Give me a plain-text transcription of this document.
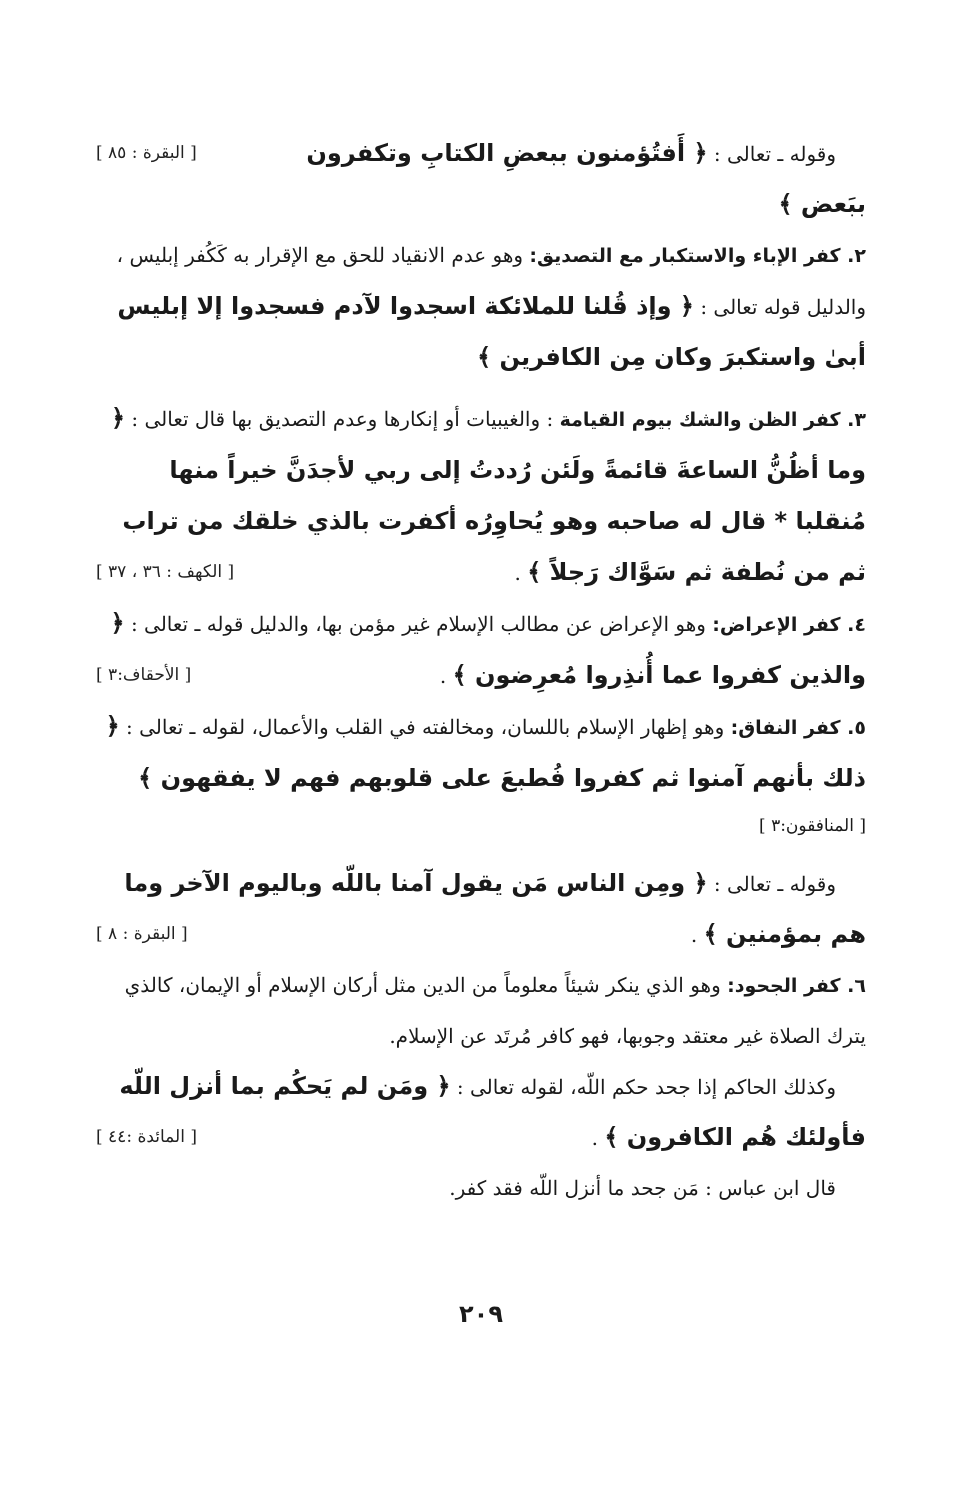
[ البقرة : ٨٥ ]	وقوله ـ تعالى : ﴿ أَفتُؤمنون ببعضِ الكتابِ وتكفرون ببَعض ﴾

٢. كفر الإباء والاستكبار مع التصديق: وهو عدم الانقياد للحق مع الإقرار به كَكُفر إبليس ، والدليل قوله تعالى : ﴿ وإذ قُلنا للملائكة اسجدوا لآدم فسجدوا إلا إبليس أبىٰ واستكبرَ وكان مِن الكافرين ﴾

٣. كفر الظن والشك بيوم القيامة : والغيبيات أو إنكارها وعدم التصديق بها قال تعالى : ﴿ وما أظُنُّ الساعةَ قائمةً ولَئن رُددتُ إلى ربي لأجدَنَّ خيراً منها مُنقلبا * قال له صاحبه وهو يُحاوِرُه أكفرت بالذي خلقك من تراب ثم من نُطفة ثم سَوَّاك رَجلاً ﴾ .
[ الكهف : ٣٦ ، ٣٧ ]

٤. كفر الإعراض: وهو الإعراض عن مطالب الإسلام غير مؤمن بها، والدليل قوله ـ تعالى : ﴿ والذين كفروا عما أُنذِروا مُعرِضون ﴾ .
[ الأحقاف:٣ ]

٥. كفر النفاق: وهو إظهار الإسلام باللسان، ومخالفته في القلب والأعمال، لقوله ـ تعالى : ﴿ ذلك بأنهم آمنوا ثم كفروا فُطبعَ على قلوبهم فهم لا يفقهون ﴾

[ المنافقون:٣ ]

وقوله ـ تعالى : ﴿ ومِن الناس مَن يقول آمنا باللّه وباليوم الآخر وما هم بمؤمنين ﴾ .
[ البقرة : ٨ ]

٦. كفر الجحود: وهو الذي ينكر شيئاً معلوماً من الدين مثل أركان الإسلام أو الإيمان، كالذي يترك الصلاة غير معتقد وجوبها، فهو كافر مُرتَد عن الإسلام.

وكذلك الحاكم إذا جحد حكم اللّه، لقوله تعالى : ﴿ ومَن لم يَحكُم بما أنزل اللّه فأولئك هُم الكافرون ﴾ .
[ المائدة :٤٤ ]

قال ابن عباس : مَن جحد ما أنزل اللّه فقد كفر.

٢٠٩
